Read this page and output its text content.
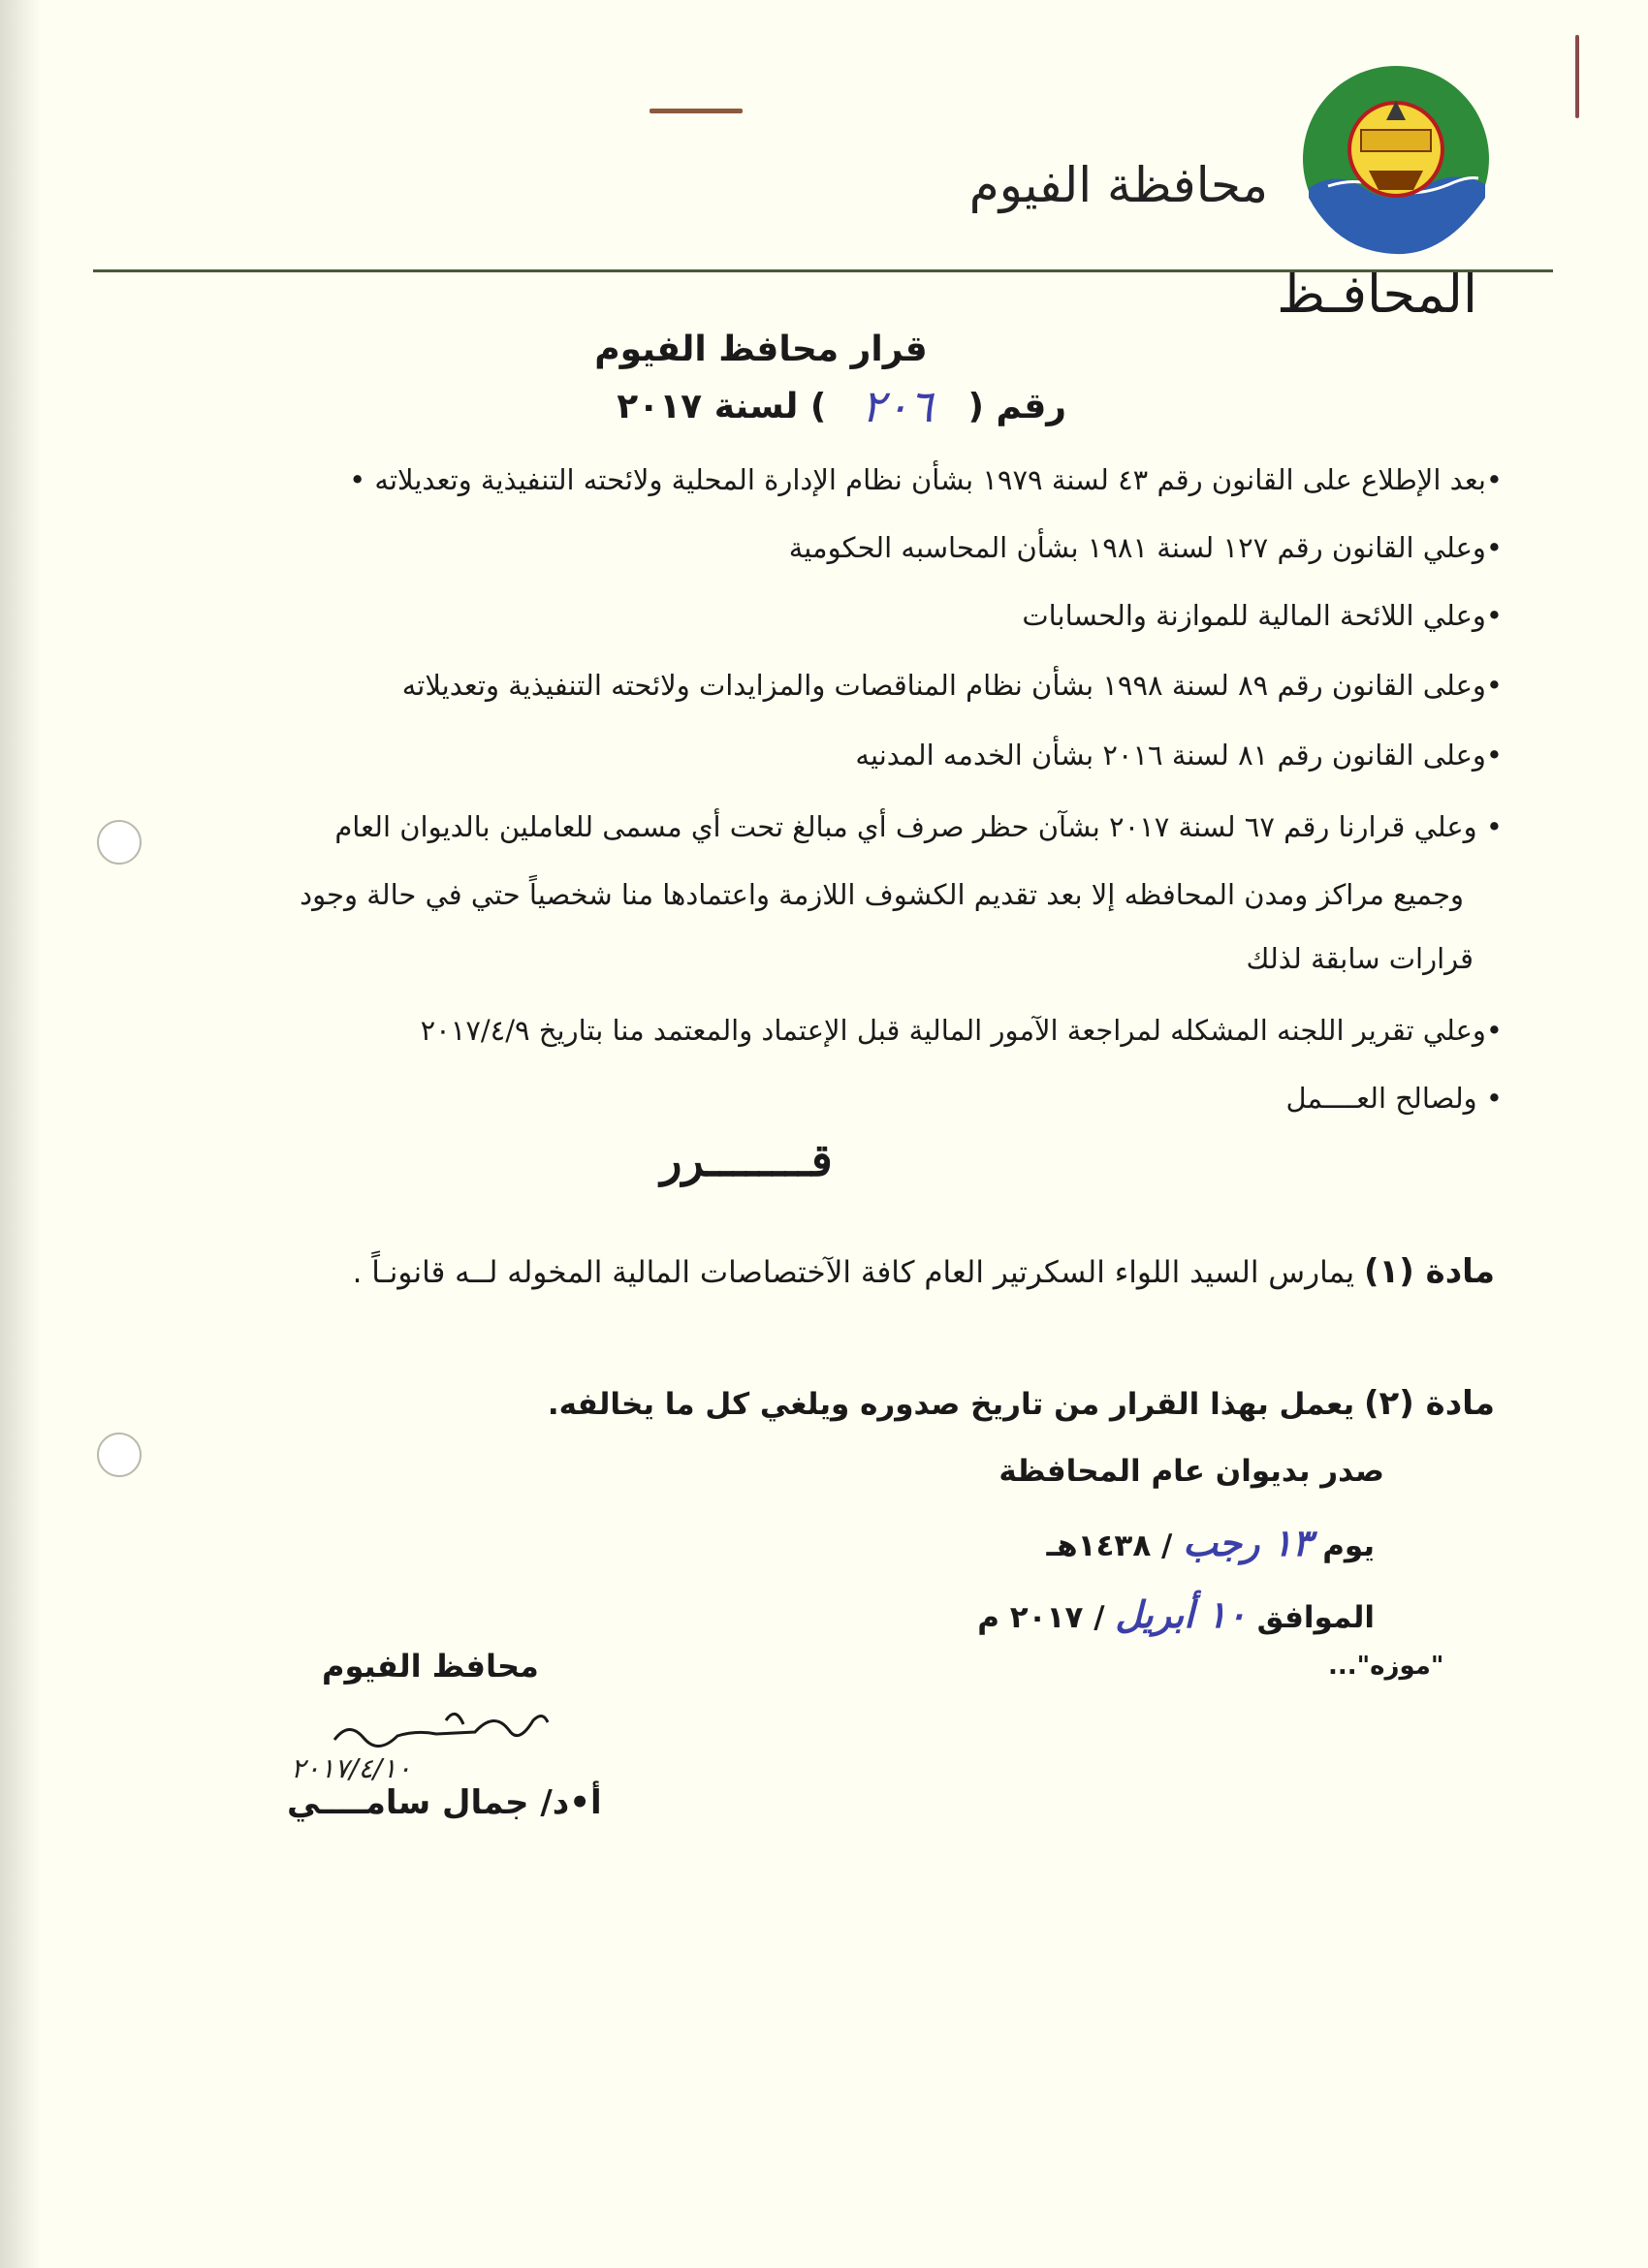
محافظة الفيوم
المحافـظ
قرار محافظ الفيوم
رقم (
٢٠٦
) لسنة ٢٠١٧
•بعد الإطلاع على القانون رقم ٤٣ لسنة ١٩٧٩ بشأن نظام الإدارة المحلية ولائحته التنفيذية وتعديلاته •
•وعلي القانون رقم ١٢٧ لسنة ١٩٨١ بشأن المحاسبه الحكومية
•وعلي اللائحة المالية للموازنة والحسابات
•وعلى القانون رقم ٨٩ لسنة ١٩٩٨ بشأن نظام المناقصات والمزايدات ولائحته التنفيذية وتعديلاته
•وعلى القانون رقم ٨١ لسنة ٢٠١٦ بشأن الخدمه المدنيه
• وعلي قرارنا رقم ٦٧ لسنة ٢٠١٧ بشآن حظر صرف أي مبالغ تحت أي مسمى للعاملين بالديوان العام
وجميع مراكز ومدن المحافظه إلا بعد تقديم الكشوف اللازمة واعتمادها منا شخصياً حتي في حالة وجود
قرارات سابقة لذلك
•وعلي تقرير اللجنه المشكله لمراجعة الآمور المالية قبل الإعتماد والمعتمد منا بتاريخ ٢٠١٧/٤/٩
• ولصالح العــــمل
قــــــــرر
مادة (١) يمارس السيد اللواء السكرتير العام كافة الآختصاصات المالية المخوله لــه قانونـاً .
مادة (٢) يعمل بهذا القرار من تاريخ صدوره ويلغي كل ما يخالفه.
صدر بديوان عام المحافظة
يوم ١٣ رجب / ١٤٣٨هـ
الموافق ١٠ أبريل / ٢٠١٧ م
"موزه"...
محافظ الفيوم
٢٠١٧/٤/١٠
أ•د/ جمال سامــــي
